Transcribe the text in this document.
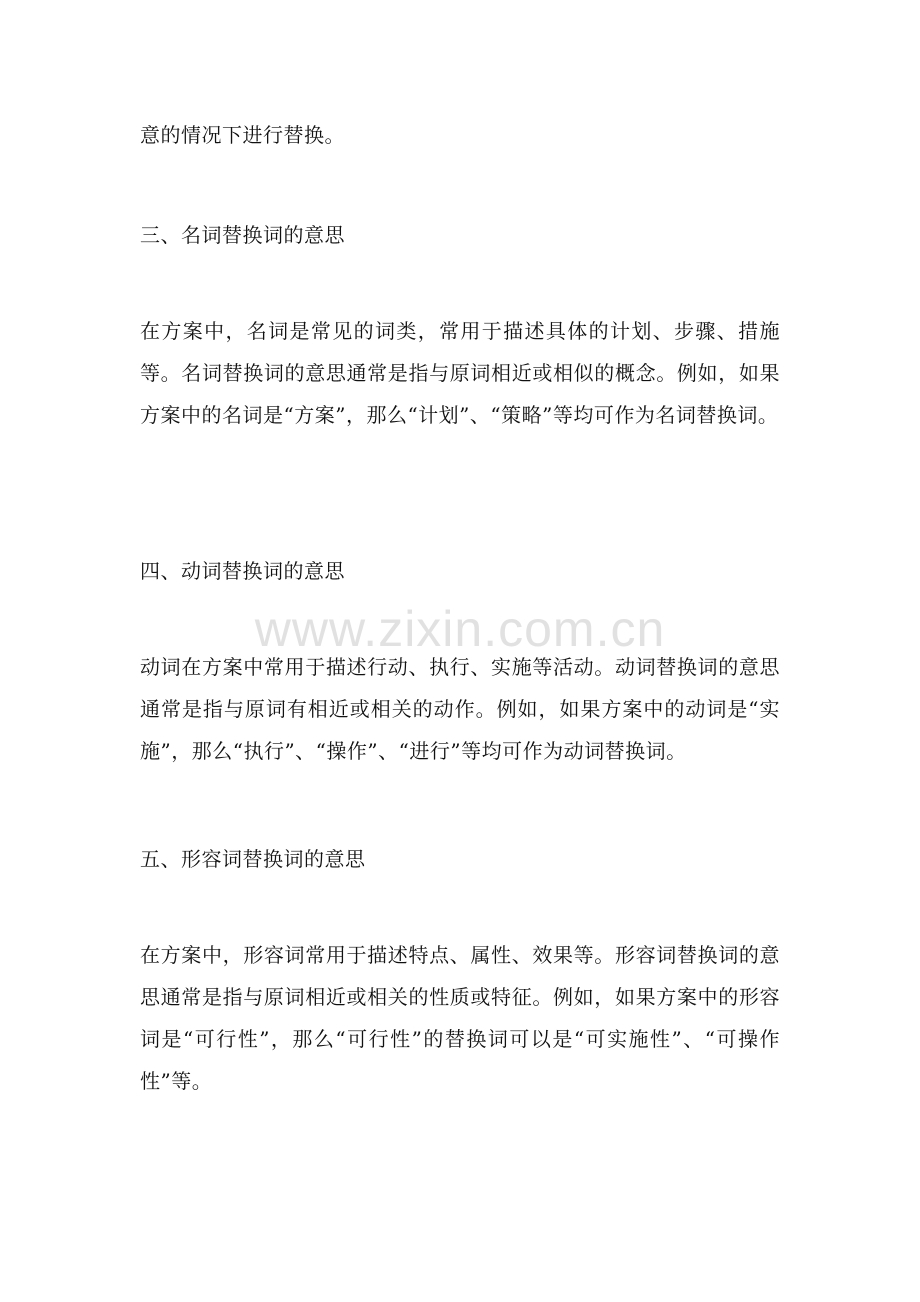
意的情况下进行替换。

三、名词替换词的意思

在方案中，名词是常见的词类，常用于描述具体的计划、步骤、措施等。名词替换词的意思通常是指与原词相近或相似的概念。例如，如果方案中的名词是“方案”，那么“计划”、“策略”等均可作为名词替换词。

四、动词替换词的意思

动词在方案中常用于描述行动、执行、实施等活动。动词替换词的意思通常是指与原词有相近或相关的动作。例如，如果方案中的动词是“实施”，那么“执行”、“操作”、“进行”等均可作为动词替换词。

五、形容词替换词的意思

在方案中，形容词常用于描述特点、属性、效果等。形容词替换词的意思通常是指与原词相近或相关的性质或特征。例如，如果方案中的形容词是“可行性”，那么“可行性”的替换词可以是“可实施性”、“可操作性”等。

www.zixin.com.cn
